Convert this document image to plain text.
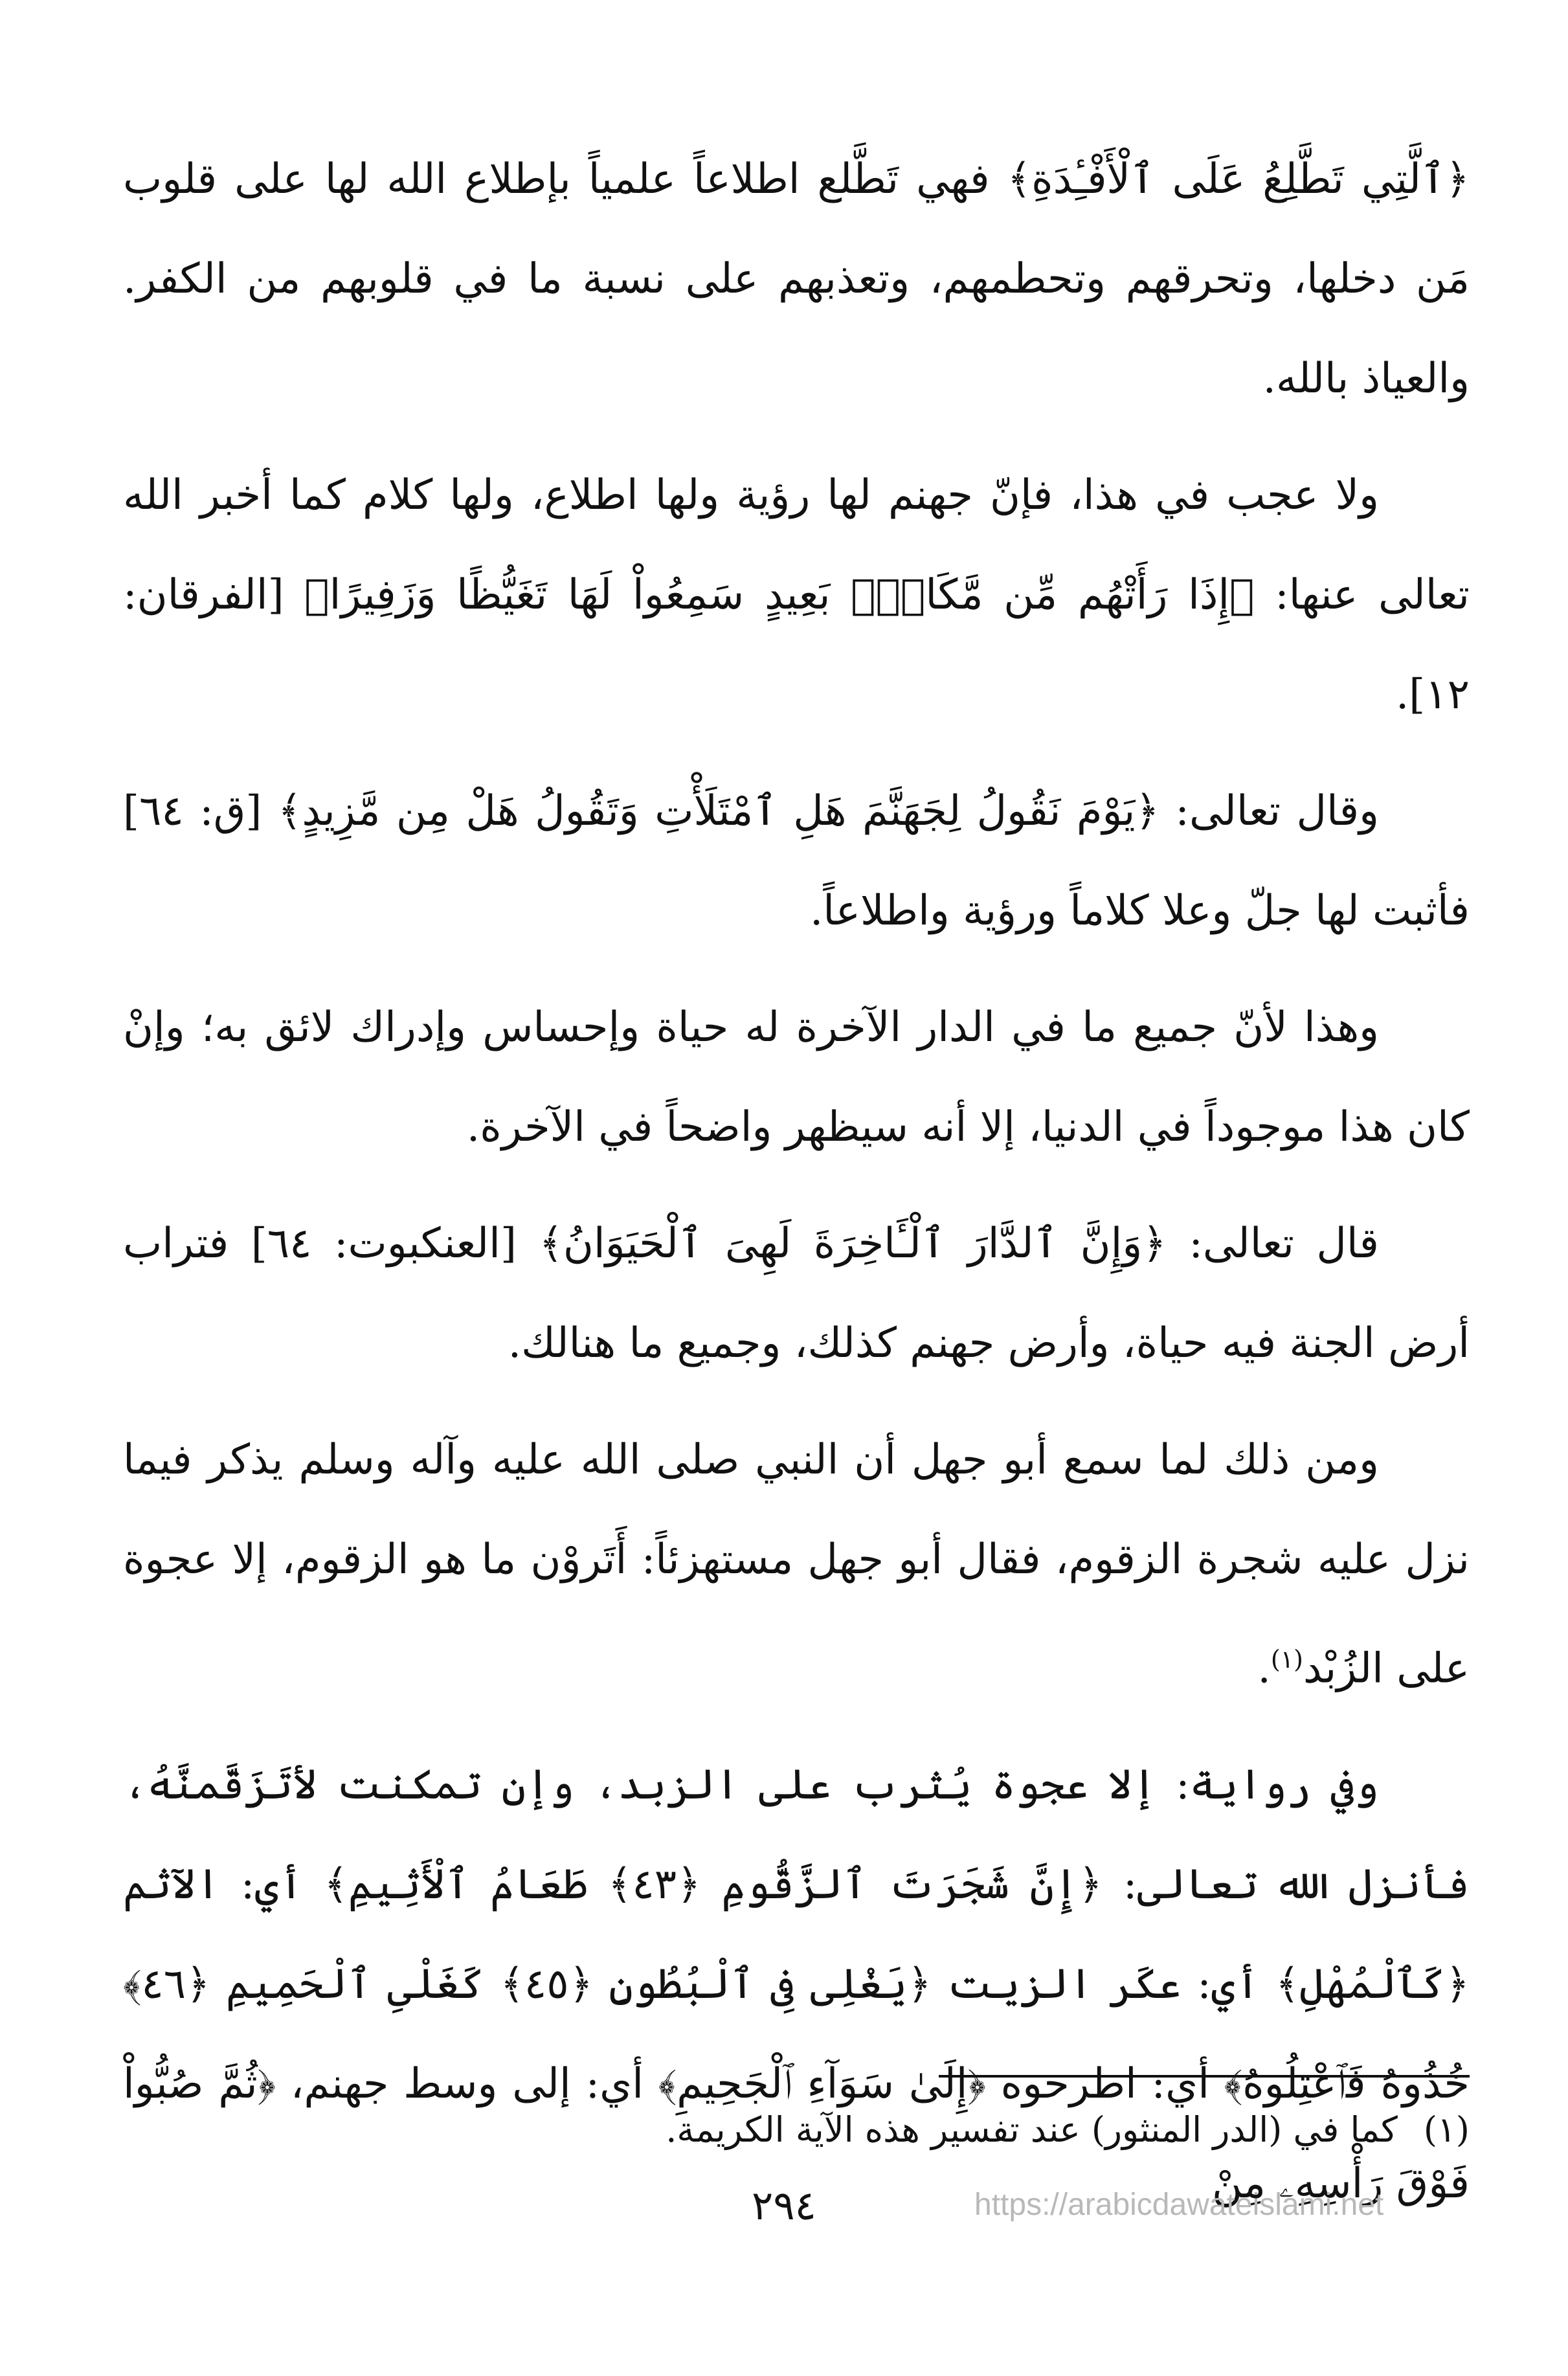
﴿ٱلَّتِي تَطَّلِعُ عَلَى ٱلْأَفْـِٔدَةِ﴾ فهي تَطَّلع اطلاعاً علمياً بإطلاع الله لها على قلوب مَن دخلها، وتحرقهم وتحطمهم، وتعذبهم على نسبة ما في قلوبهم من الكفر. والعياذ بالله.

ولا عجب في هذا، فإنّ جهنم لها رؤية ولها اطلاع، ولها كلام كما أخبر الله تعالى عنها: ﴿إِذَا رَأَتْهُم مِّن مَّكَانٍۭ بَعِيدٍ سَمِعُواْ لَهَا تَغَيُّظًا وَزَفِيرًا﴾ [الفرقان: ١٢].

وقال تعالى: ﴿يَوْمَ نَقُولُ لِجَهَنَّمَ هَلِ ٱمْتَلَأْتِ وَتَقُولُ هَلْ مِن مَّزِيدٍ﴾ [ق: ٦٤] فأثبت لها جلّ وعلا كلاماً ورؤية واطلاعاً.

وهذا لأنّ جميع ما في الدار الآخرة له حياة وإحساس وإدراك لائق به؛ وإنْ كان هذا موجوداً في الدنيا، إلا أنه سيظهر واضحاً في الآخرة.

قال تعالى: ﴿وَإِنَّ ٱلدَّارَ ٱلْـَٔاخِرَةَ لَهِىَ ٱلْحَيَوَانُ﴾ [العنكبوت: ٦٤] فتراب أرض الجنة فيه حياة، وأرض جهنم كذلك، وجميع ما هنالك.

ومن ذلك لما سمع أبو جهل أن النبي صلى الله عليه وآله وسلم يذكر فيما نزل عليه شجرة الزقوم، فقال أبو جهل مستهزئاً: أَتَروْن ما هو الزقوم، إلا عجوة على الزُبْد$^{(١)}$.

وفي رواية: إلا عجوة يُثرب على الزبد، وإن تمكنت لأتَزَقَّمنَّهُ، فأنزل الله تعالى: ﴿إِنَّ شَجَرَتَ ٱلزَّقُّومِ ﴿٤٣﴾ طَعَامُ ٱلْأَثِيمِ﴾ أي: الآثم ﴿كَٱلْمُهْلِ﴾ أي: عكَر الزيت ﴿يَغْلِى فِى ٱلْبُطُونِ ﴿٤٥﴾ كَغَلْىِ ٱلْحَمِيمِ ﴿٤٦﴾ خُذُوهُ فَٱعْتِلُوهُ﴾ أي: اطرحوه ﴿إِلَىٰ سَوَآءِ ٱلْجَحِيمِ﴾ أي: إلى وسط جهنم، ﴿ثُمَّ صُبُّواْ فَوْقَ رَأْسِهِۦ مِنْ

(١)كما في (الدر المنثور) عند تفسير هذه الآية الكريمة.
٢٩٤	https://arabicdawateislami.net
